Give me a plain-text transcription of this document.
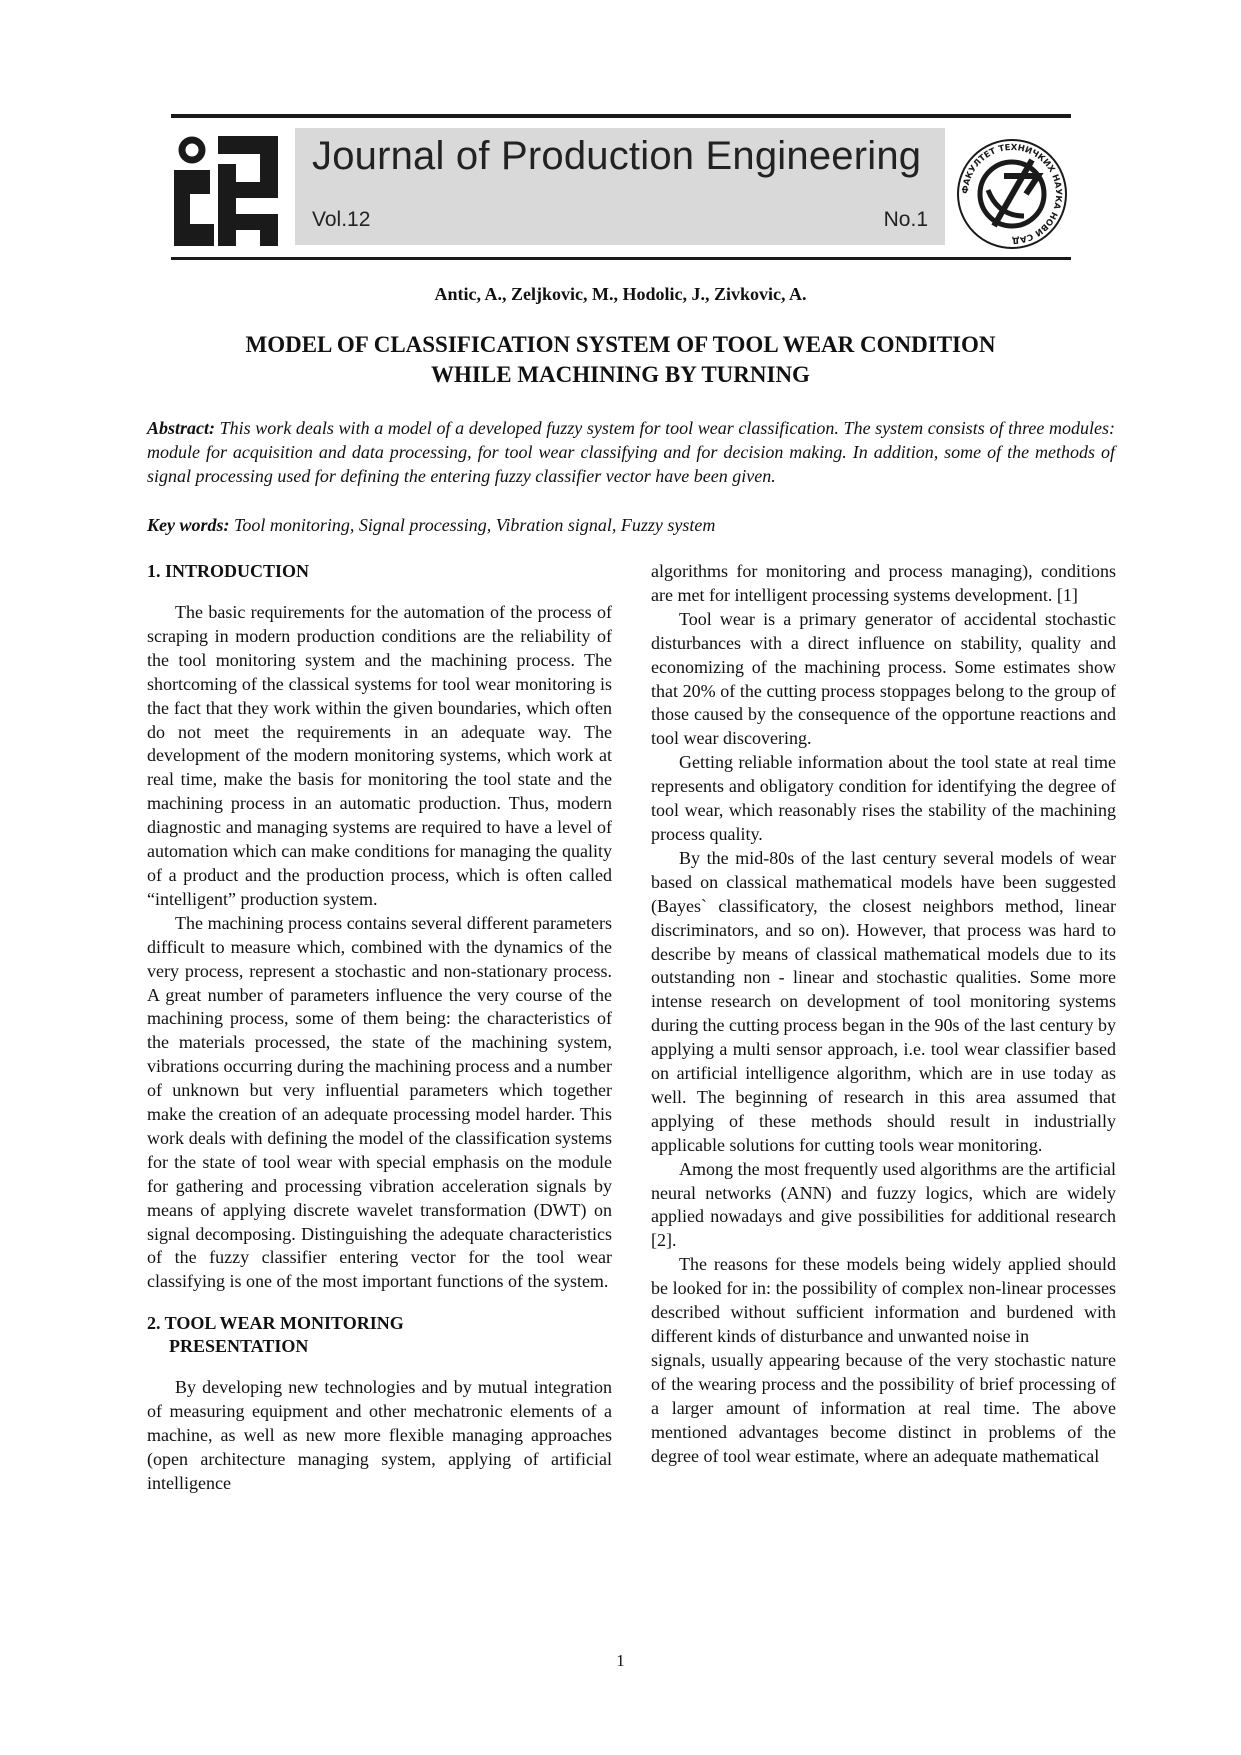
Journal of Production Engineering
Vol.12	No.1
ФАКУЛТЕТ ТЕХНИЧКИХ НАУКА НОВИ САД
Antic, A., Zeljkovic, M., Hodolic, J., Zivkovic, A.
MODEL OF CLASSIFICATION SYSTEM OF TOOL WEAR CONDITION
WHILE MACHINING BY TURNING
Abstract: This work deals with a model of a developed fuzzy system for tool wear classification. The system consists of three modules: module for acquisition and data processing, for tool wear classifying and for decision making. In addition, some of the methods of signal processing used for defining the entering fuzzy classifier vector have been given.
Key words: Tool monitoring, Signal processing, Vibration signal, Fuzzy system

1. INTRODUCTION

The basic requirements for the automation of the process of scraping in modern production conditions are the reliability of the tool monitoring system and the machining process. The shortcoming of the classical systems for tool wear monitoring is the fact that they work within the given boundaries, which often do not meet the requirements in an adequate way. The development of the modern monitoring systems, which work at real time, make the basis for monitoring the tool state and the machining process in an automatic production. Thus, modern diagnostic and managing systems are required to have a level of automation which can make conditions for managing the quality of a product and the production process, which is often called “intelligent” production system.

The machining process contains several different parameters difficult to measure which, combined with the dynamics of the very process, represent a stochastic and non-stationary process. A great number of parameters influence the very course of the machining process, some of them being: the characteristics of the materials processed, the state of the machining system, vibrations occurring during the machining process and a number of unknown but very influential parameters which together make the creation of an adequate processing model harder. This work deals with defining the model of the classification systems for the state of tool wear with special emphasis on the module for gathering and processing vibration acceleration signals by means of applying discrete wavelet transformation (DWT) on signal decomposing. Distinguishing the adequate characteristics of the fuzzy classifier entering vector for the tool wear classifying is one of the most important functions of the system.

2. TOOL WEAR MONITORING

PRESENTATION

By developing new technologies and by mutual integration of measuring equipment and other mechatronic elements of a machine, as well as new more flexible managing approaches (open architecture managing system, applying of artificial intelligence

algorithms for monitoring and process managing), conditions are met for intelligent processing systems development. [1]

Tool wear is a primary generator of accidental stochastic disturbances with a direct influence on stability, quality and economizing of the machining process. Some estimates show that 20% of the cutting process stoppages belong to the group of those caused by the consequence of the opportune reactions and tool wear discovering.

Getting reliable information about the tool state at real time represents and obligatory condition for identifying the degree of tool wear, which reasonably rises the stability of the machining process quality.

By the mid-80s of the last century several models of wear based on classical mathematical models have been suggested (Bayes` classificatory, the closest neighbors method, linear discriminators, and so on). However, that process was hard to describe by means of classical mathematical models due to its outstanding non - linear and stochastic qualities. Some more intense research on development of tool monitoring systems during the cutting process began in the 90s of the last century by applying a multi sensor approach, i.e. tool wear classifier based on artificial intelligence algorithm, which are in use today as well. The beginning of research in this area assumed that applying of these methods should result in industrially applicable solutions for cutting tools wear monitoring.

Among the most frequently used algorithms are the artificial neural networks (ANN) and fuzzy logics, which are widely applied nowadays and give possibilities for additional research [2].

The reasons for these models being widely applied should be looked for in: the possibility of complex non-linear processes described without sufficient information and burdened with different kinds of disturbance and unwanted noise in

signals, usually appearing because of the very stochastic nature of the wearing process and the possibility of brief processing of a larger amount of information at real time. The above mentioned advantages become distinct in problems of the degree of tool wear estimate, where an adequate mathematical

1
